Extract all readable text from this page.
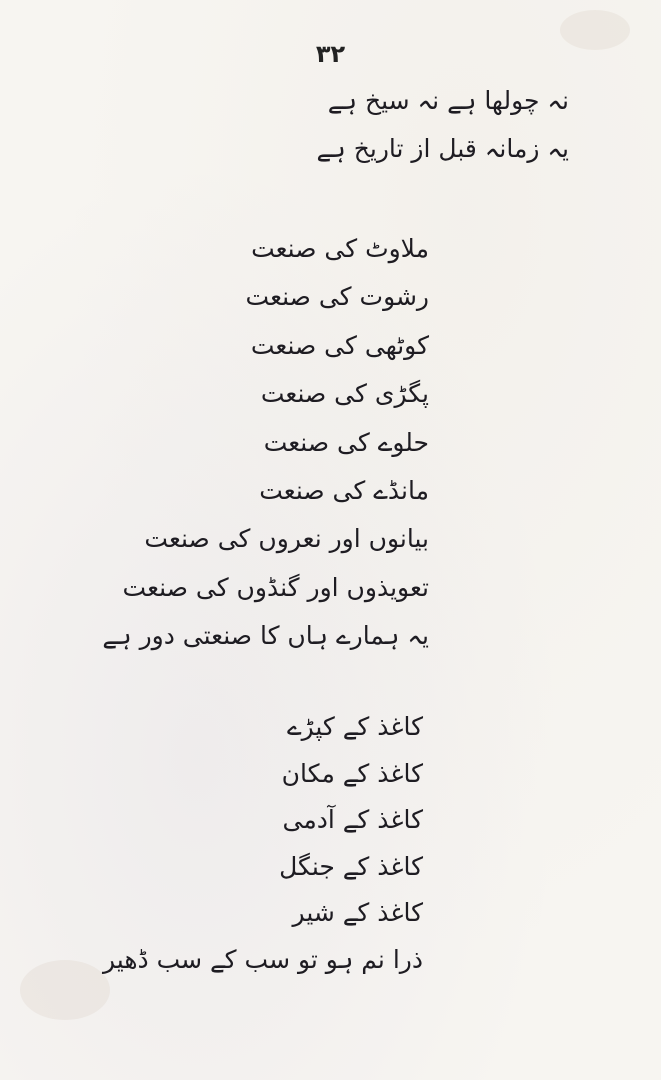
۳۲
نہ چولھا ہے نہ سیخ ہے
یہ زمانہ قبل از تاریخ ہے
ملاوٹ کی صنعت
رشوت کی صنعت
کوٹھی کی صنعت
پگڑی کی صنعت
حلوے کی صنعت
مانڈے کی صنعت
بیانوں اور نعروں کی صنعت
تعویذوں اور گنڈوں کی صنعت
یہ ہمارے ہاں کا صنعتی دور ہے
کاغذ کے کپڑے
کاغذ کے مکان
کاغذ کے آدمی
کاغذ کے جنگل
کاغذ کے شیر
ذرا نم ہو تو سب کے سب ڈھیر
